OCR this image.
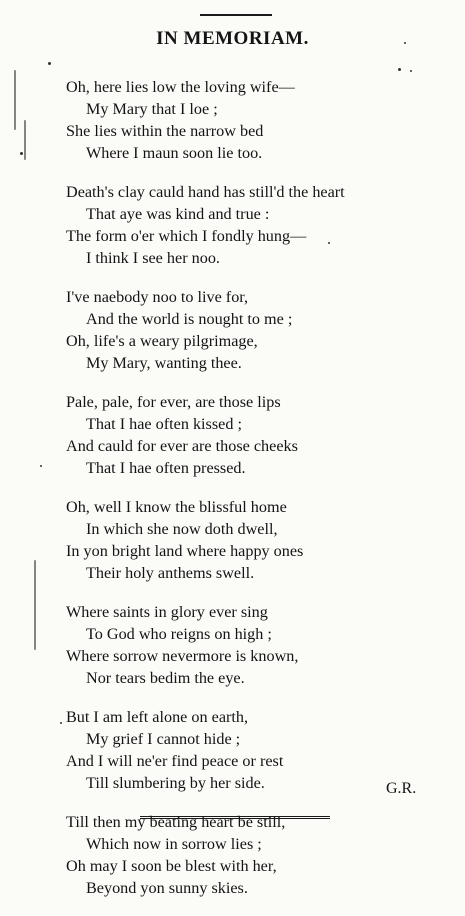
IN MEMORIAM.
Oh, here lies low the loving wife—
My Mary that I loe ;
She lies within the narrow bed
Where I maun soon lie too.
Death's clay cauld hand has still'd the heart
That aye was kind and true :
The form o'er which I fondly hung—
I think I see her noo.
I've naebody noo to live for,
And the world is nought to me ;
Oh, life's a weary pilgrimage,
My Mary, wanting thee.
Pale, pale, for ever, are those lips
That I hae often kissed ;
And cauld for ever are those cheeks
That I hae often pressed.
Oh, well I know the blissful home
In which she now doth dwell,
In yon bright land where happy ones
Their holy anthems swell.
Where saints in glory ever sing
To God who reigns on high ;
Where sorrow nevermore is known,
Nor tears bedim the eye.
But I am left alone on earth,
My grief I cannot hide ;
And I will ne'er find peace or rest
Till slumbering by her side.
Till then my beating heart be still,
Which now in sorrow lies ;
Oh may I soon be blest with her,
Beyond yon sunny skies.
G.R.
